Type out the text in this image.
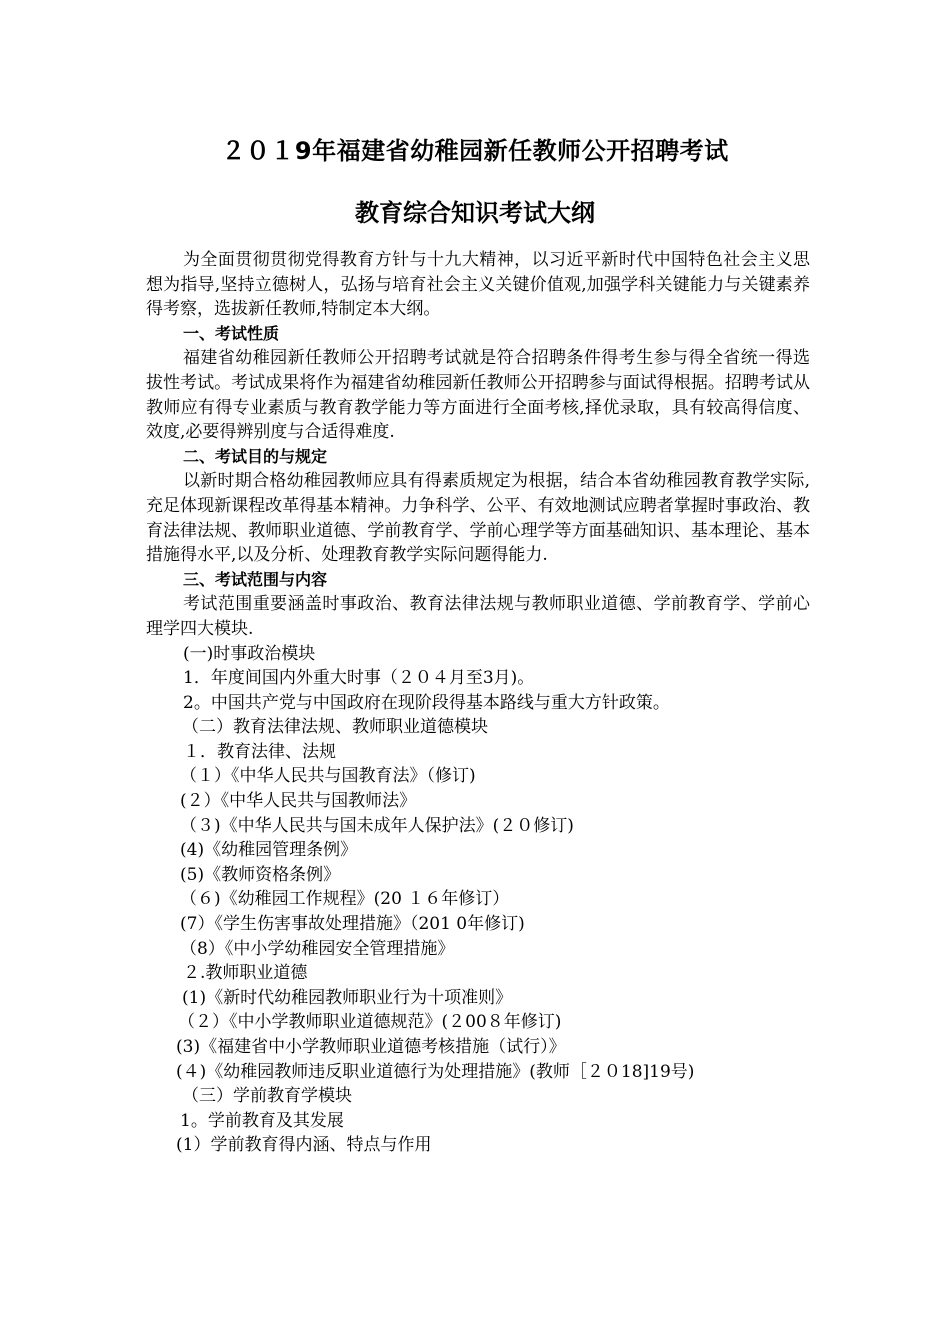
２０１9年福建省幼稚园新任教师公开招聘考试
教育综合知识考试大纲

为全面贯彻贯彻党得教育方针与十九大精神，以习近平新时代中国特色社会主义思想为指导,坚持立德树人，弘扬与培育社会主义关键价值观,加强学科关键能力与关键素养得考察，选拔新任教师,特制定本大纲。

一、考试性质

福建省幼稚园新任教师公开招聘考试就是符合招聘条件得考生参与得全省统一得选拔性考试。考试成果将作为福建省幼稚园新任教师公开招聘参与面试得根据。招聘考试从教师应有得专业素质与教育教学能力等方面进行全面考核,择优录取，具有较高得信度、效度,必要得辨别度与合适得难度.

二、考试目的与规定

以新时期合格幼稚园教师应具有得素质规定为根据，结合本省幼稚园教育教学实际,充足体现新课程改革得基本精神。力争科学、公平、有效地测试应聘者掌握时事政治、教育法律法规、教师职业道德、学前教育学、学前心理学等方面基础知识、基本理论、基本措施得水平,以及分析、处理教育教学实际问题得能力.

三、考试范围与内容

考试范围重要涵盖时事政治、教育法律法规与教师职业道德、学前教育学、学前心理学四大模块.

(一)时事政治模块

1．年度间国内外重大时事（２０４月至3月)。

2。中国共产党与中国政府在现阶段得基本路线与重大方针政策。

（二）教育法律法规、教师职业道德模块

１．教育法律、法规

（１）《中华人民共与国教育法》（修订)

(２）《中华人民共与国教师法》

（３)《中华人民共与国未成年人保护法》(２０修订)

(4)《幼稚园管理条例》

(5)《教师资格条例》

（６)《幼稚园工作规程》(20 １６年修订）

(7）《学生伤害事故处理措施》（201 0年修订)

（8）《中小学幼稚园安全管理措施》

２.教师职业道德

(1)《新时代幼稚园教师职业行为十项准则》

（２）《中小学教师职业道德规范》(２00８年修订)

(3)《福建省中小学教师职业道德考核措施（试行）》

(４)《幼稚园教师违反职业道德行为处理措施》(教师［２０18]19号)

（三）学前教育学模块

1。学前教育及其发展

(1）学前教育得内涵、特点与作用
